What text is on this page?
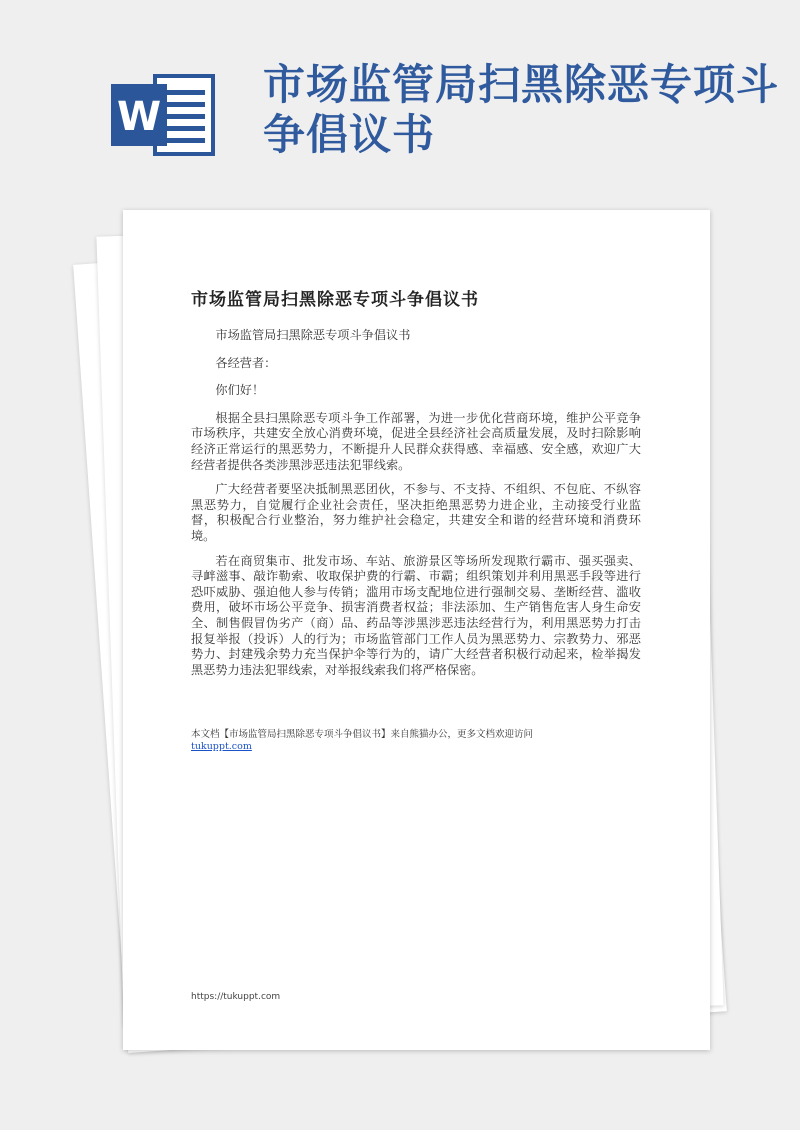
W
市场监管局扫黑除恶专项斗争倡议书
市场监管局扫黑除恶专项斗争倡议书

市场监管局扫黑除恶专项斗争倡议书

各经营者：

你们好！

根据全县扫黑除恶专项斗争工作部署，为进一步优化营商环境，维护公平竞争市场秩序，共建安全放心消费环境，促进全县经济社会高质量发展，及时扫除影响经济正常运行的黑恶势力，不断提升人民群众获得感、幸福感、安全感，欢迎广大经营者提供各类涉黑涉恶违法犯罪线索。

广大经营者要坚决抵制黑恶团伙，不参与、不支持、不组织、不包庇、不纵容黑恶势力，自觉履行企业社会责任，坚决拒绝黑恶势力进企业，主动接受行业监督，积极配合行业整治，努力维护社会稳定，共建安全和谐的经营环境和消费环境。

若在商贸集市、批发市场、车站、旅游景区等场所发现欺行霸市、强买强卖、寻衅滋事、敲诈勒索、收取保护费的行霸、市霸；组织策划并利用黑恶手段等进行恐吓威胁、强迫他人参与传销；滥用市场支配地位进行强制交易、垄断经营、滥收费用，破坏市场公平竞争、损害消费者权益；非法添加、生产销售危害人身生命安全、制售假冒伪劣产（商）品、药品等涉黑涉恶违法经营行为，利用黑恶势力打击报复举报（投诉）人的行为；市场监管部门工作人员为黑恶势力、宗教势力、邪恶势力、封建残余势力充当保护伞等行为的，请广大经营者积极行动起来，检举揭发黑恶势力违法犯罪线索，对举报线索我们将严格保密。

本文档【市场监管局扫黑除恶专项斗争倡议书】来自熊猫办公，更多文档欢迎访问
tukuppt.com
https://tukuppt.com
